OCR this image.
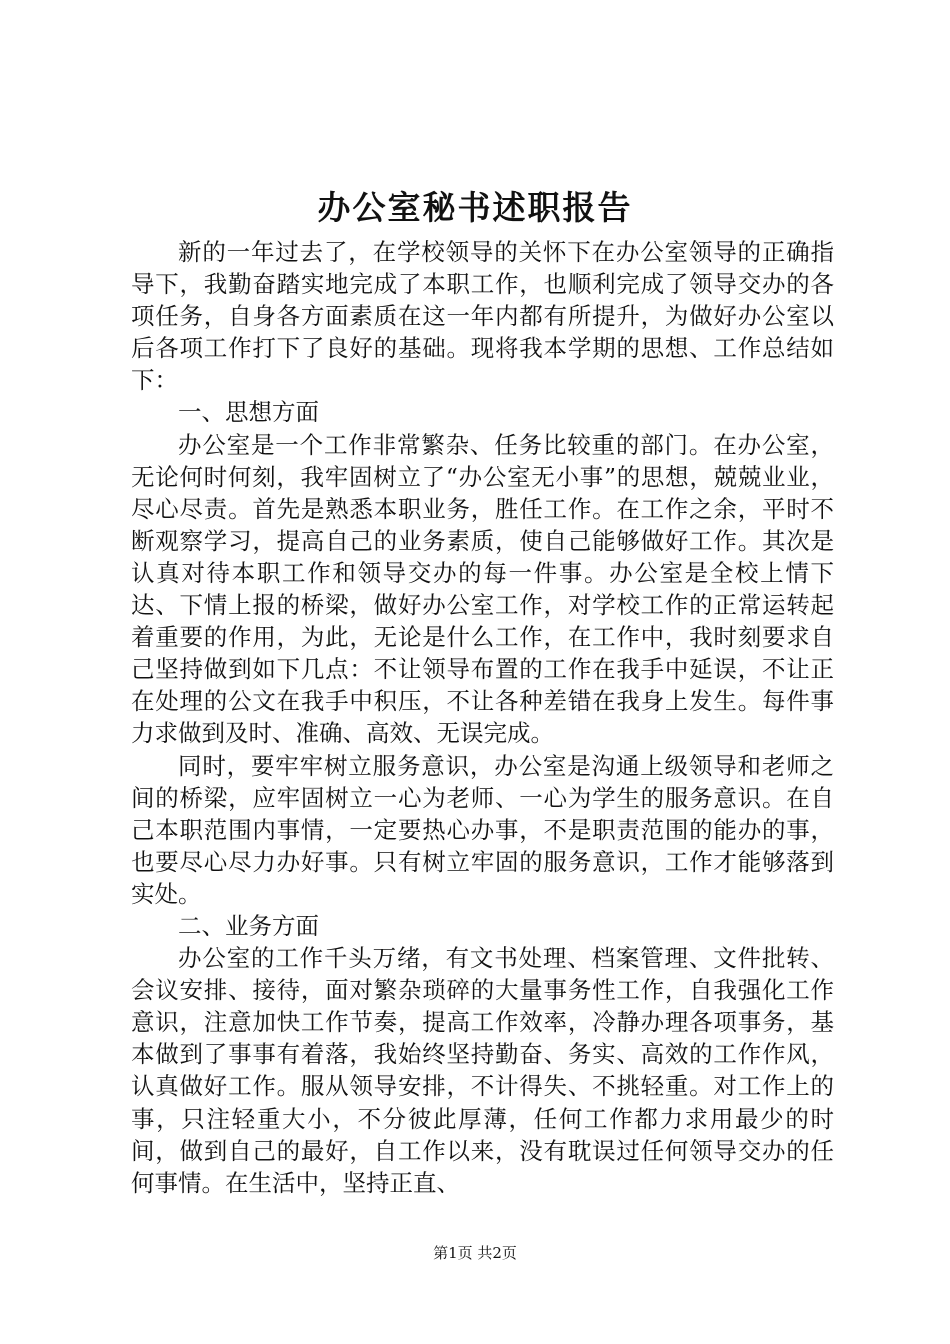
办公室秘书述职报告

新的一年过去了，在学校领导的关怀下在办公室领导的正确指导下，我勤奋踏实地完成了本职工作，也顺利完成了领导交办的各项任务，自身各方面素质在这一年内都有所提升，为做好办公室以后各项工作打下了良好的基础。现将我本学期的思想、工作总结如下：

一、思想方面

办公室是一个工作非常繁杂、任务比较重的部门。在办公室，无论何时何刻，我牢固树立了“办公室无小事”的思想，兢兢业业，尽心尽责。首先是熟悉本职业务，胜任工作。在工作之余，平时不断观察学习，提高自己的业务素质，使自己能够做好工作。其次是认真对待本职工作和领导交办的每一件事。办公室是全校上情下达、下情上报的桥梁，做好办公室工作，对学校工作的正常运转起着重要的作用，为此，无论是什么工作，在工作中，我时刻要求自己坚持做到如下几点：不让领导布置的工作在我手中延误，不让正在处理的公文在我手中积压，不让各种差错在我身上发生。每件事力求做到及时、准确、高效、无误完成。

同时，要牢牢树立服务意识，办公室是沟通上级领导和老师之间的桥梁，应牢固树立一心为老师、一心为学生的服务意识。在自己本职范围内事情，一定要热心办事，不是职责范围的能办的事，也要尽心尽力办好事。只有树立牢固的服务意识，工作才能够落到实处。

二、业务方面

办公室的工作千头万绪，有文书处理、档案管理、文件批转、会议安排、接待，面对繁杂琐碎的大量事务性工作，自我强化工作意识，注意加快工作节奏，提高工作效率，冷静办理各项事务，基本做到了事事有着落，我始终坚持勤奋、务实、高效的工作作风，认真做好工作。服从领导安排，不计得失、不挑轻重。对工作上的事，只注轻重大小，不分彼此厚薄，任何工作都力求用最少的时间，做到自己的最好，自工作以来，没有耽误过任何领导交办的任何事情。在生活中，坚持正直、

第1页 共2页
